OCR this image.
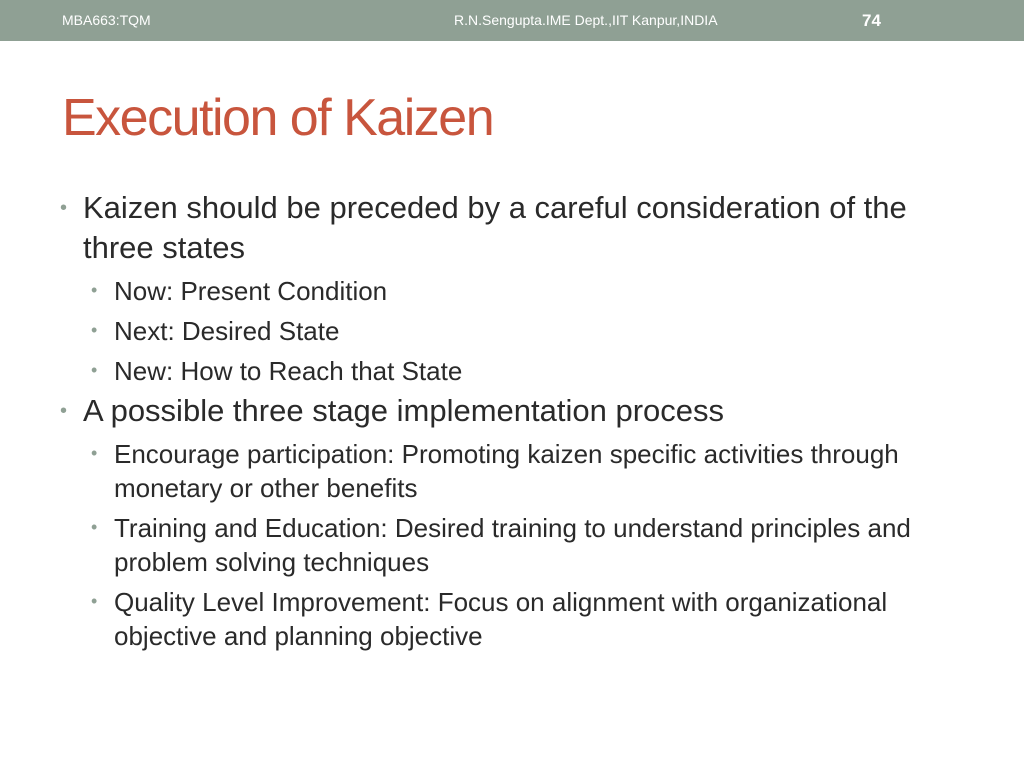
MBA663:TQM	R.N.Sengupta.IME Dept.,IIT Kanpur,INDIA	74
Execution of Kaizen
• Kaizen should be preceded by a careful consideration of the three states
• Now: Present Condition
• Next: Desired State
• New: How to Reach that State
• A possible three stage implementation process
• Encourage participation: Promoting kaizen specific activities through monetary or other benefits
• Training and Education: Desired training to understand principles and problem solving techniques
• Quality Level Improvement: Focus on alignment with organizational objective and planning objective
